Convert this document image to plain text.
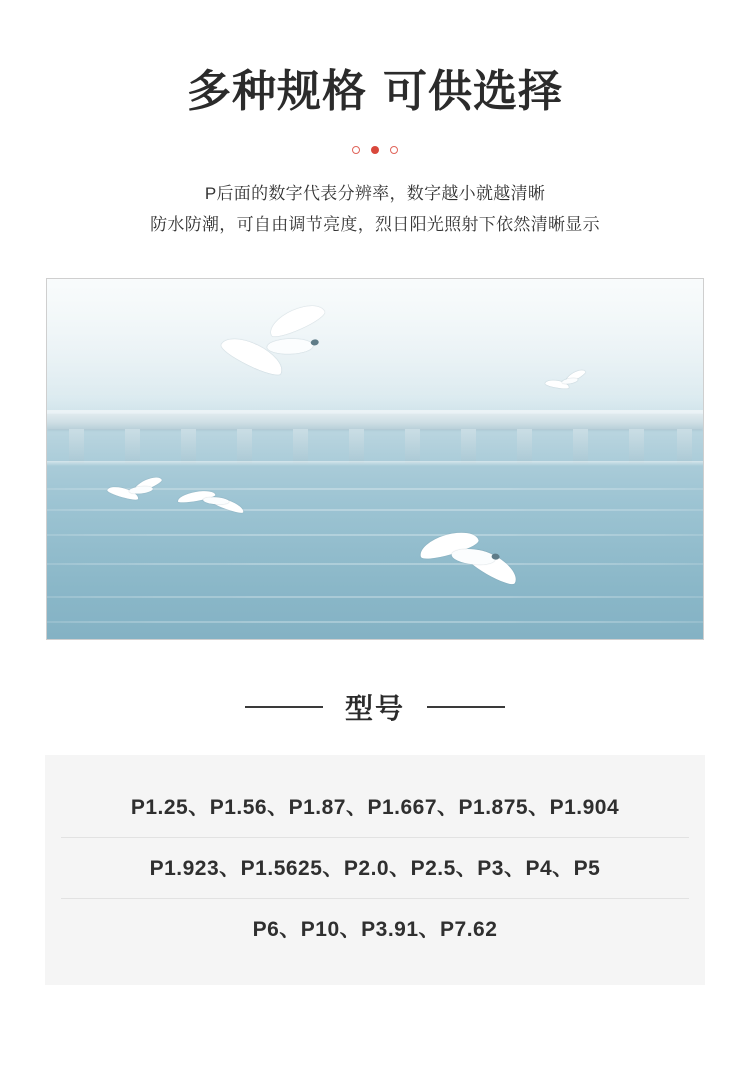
多种规格 可供选择
P后面的数字代表分辨率，数字越小就越清晰
防水防潮，可自由调节亮度，烈日阳光照射下依然清晰显示
型号
P1.25、P1.56、P1.87、P1.667、P1.875、P1.904
P1.923、P1.5625、P2.0、P2.5、P3、P4、P5
P6、P10、P3.91、P7.62
